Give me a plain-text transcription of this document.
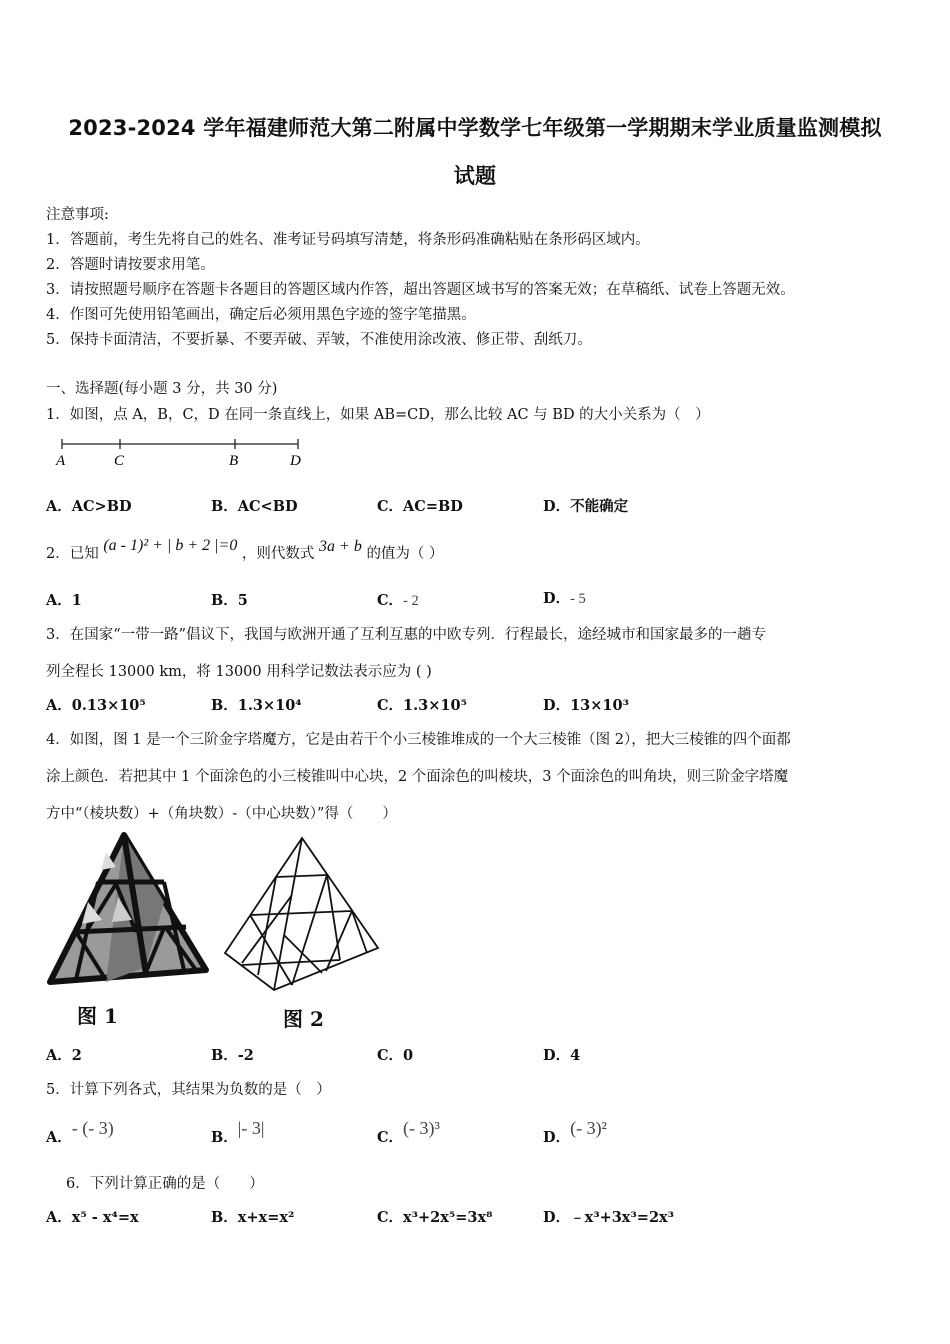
2023-2024 学年福建师范大第二附属中学数学七年级第一学期期末学业质量监测模拟
试题
注意事项:
1．答题前，考生先将自己的姓名、准考证号码填写清楚，将条形码准确粘贴在条形码区域内。
2．答题时请按要求用笔。
3．请按照题号顺序在答题卡各题目的答题区域内作答，超出答题区域书写的答案无效；在草稿纸、试卷上答题无效。
4．作图可先使用铅笔画出，确定后必须用黑色字迹的签字笔描黑。
5．保持卡面清洁，不要折暴、不要弄破、弄皱，不准使用涂改液、修正带、刮纸刀。
一、选择题(每小题 3 分，共 30 分)
1．如图，点 A，B，C，D 在同一条直线上，如果 AB=CD，那么比较 AC 与 BD 的大小关系为（　）
A	C	B	D
A．AC>BD	B．AC<BD	C．AC=BD	D．不能确定
2．已知 (a - 1)² + | b + 2 |=0 ，则代数式 3a + b 的值为（ ）
A．1	B．5	C．- 2	D．- 5
3．在国家“一带一路”倡议下，我国与欧洲开通了互利互惠的中欧专列．行程最长，途经城市和国家最多的一趟专
列全程长 13000 km，将 13000 用科学记数法表示应为 ( )
A．0.13×10⁵	B．1.3×10⁴	C．1.3×10⁵	D．13×10³
4．如图，图 1 是一个三阶金字塔魔方，它是由若干个小三棱锥堆成的一个大三棱锥（图 2），把大三棱锥的四个面都
涂上颜色．若把其中 1 个面涂色的小三棱锥叫中心块，2 个面涂色的叫棱块，3 个面涂色的叫角块，则三阶金字塔魔
方中“（棱块数）+（角块数）-（中心块数）”得（　　）
图 1	图 2
A．2	B．-2	C．0	D．4
5．计算下列各式，其结果为负数的是（　）
A．- (- 3)	B．|- 3|	C．(- 3)³	D．(- 3)²
6．下列计算正确的是（　　）
A．x⁵ - x⁴=x	B．x+x=x²	C．x³+2x⁵=3x⁸	D．﹣x³+3x³=2x³
